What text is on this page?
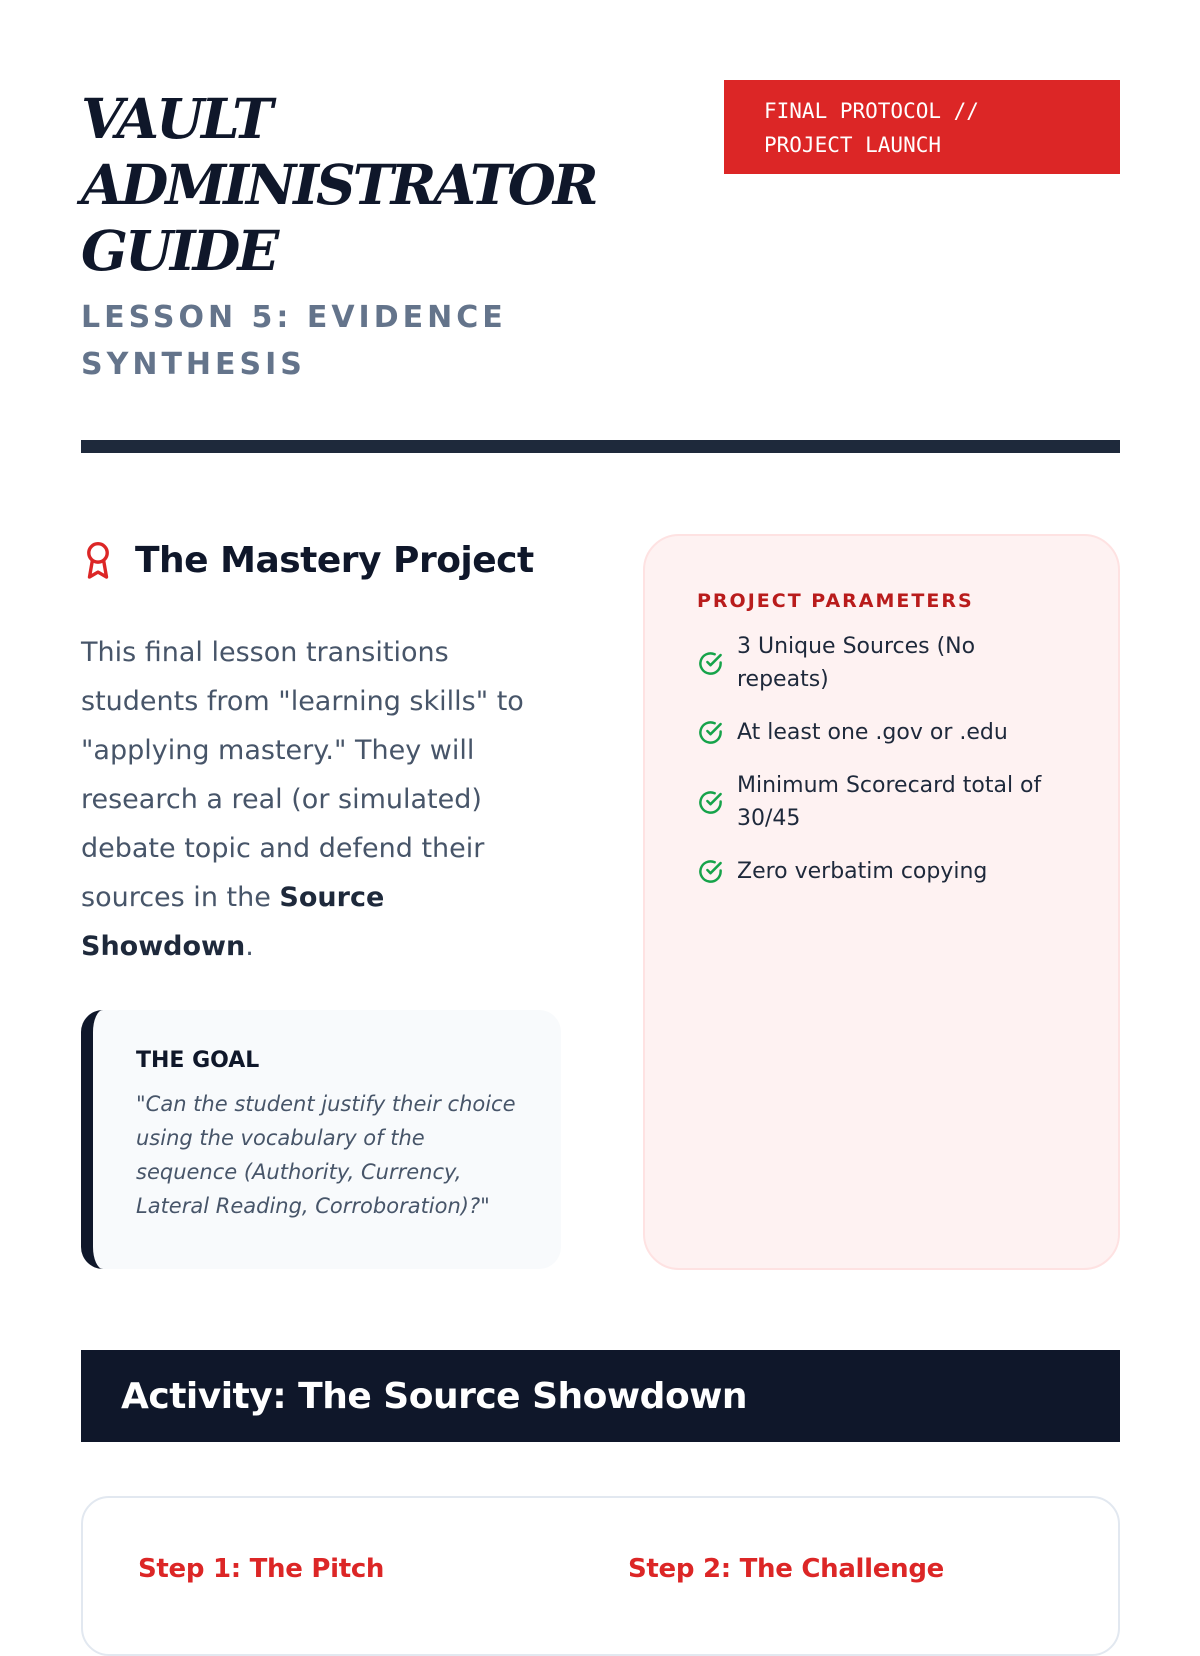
VAULT
ADMINISTRATOR
GUIDE

LESSON 5: EVIDENCE SYNTHESIS

FINAL PROTOCOL //
PROJECT LAUNCH
The Mastery Project

This final lesson transitions students from "learning skills" to "applying mastery." They will research a real (or simulated) debate topic and defend their sources in the Source Showdown.

THE GOAL

"Can the student justify their choice using the vocabulary of the sequence (Authority, Currency, Lateral Reading, Corroboration)?"

PROJECT PARAMETERS

3 Unique Sources (No repeats)
At least one .gov or .edu
Minimum Scorecard total of 30/45
Zero verbatim copying
Activity: The Source Showdown

Step 1: The Pitch	Step 2: The Challenge
